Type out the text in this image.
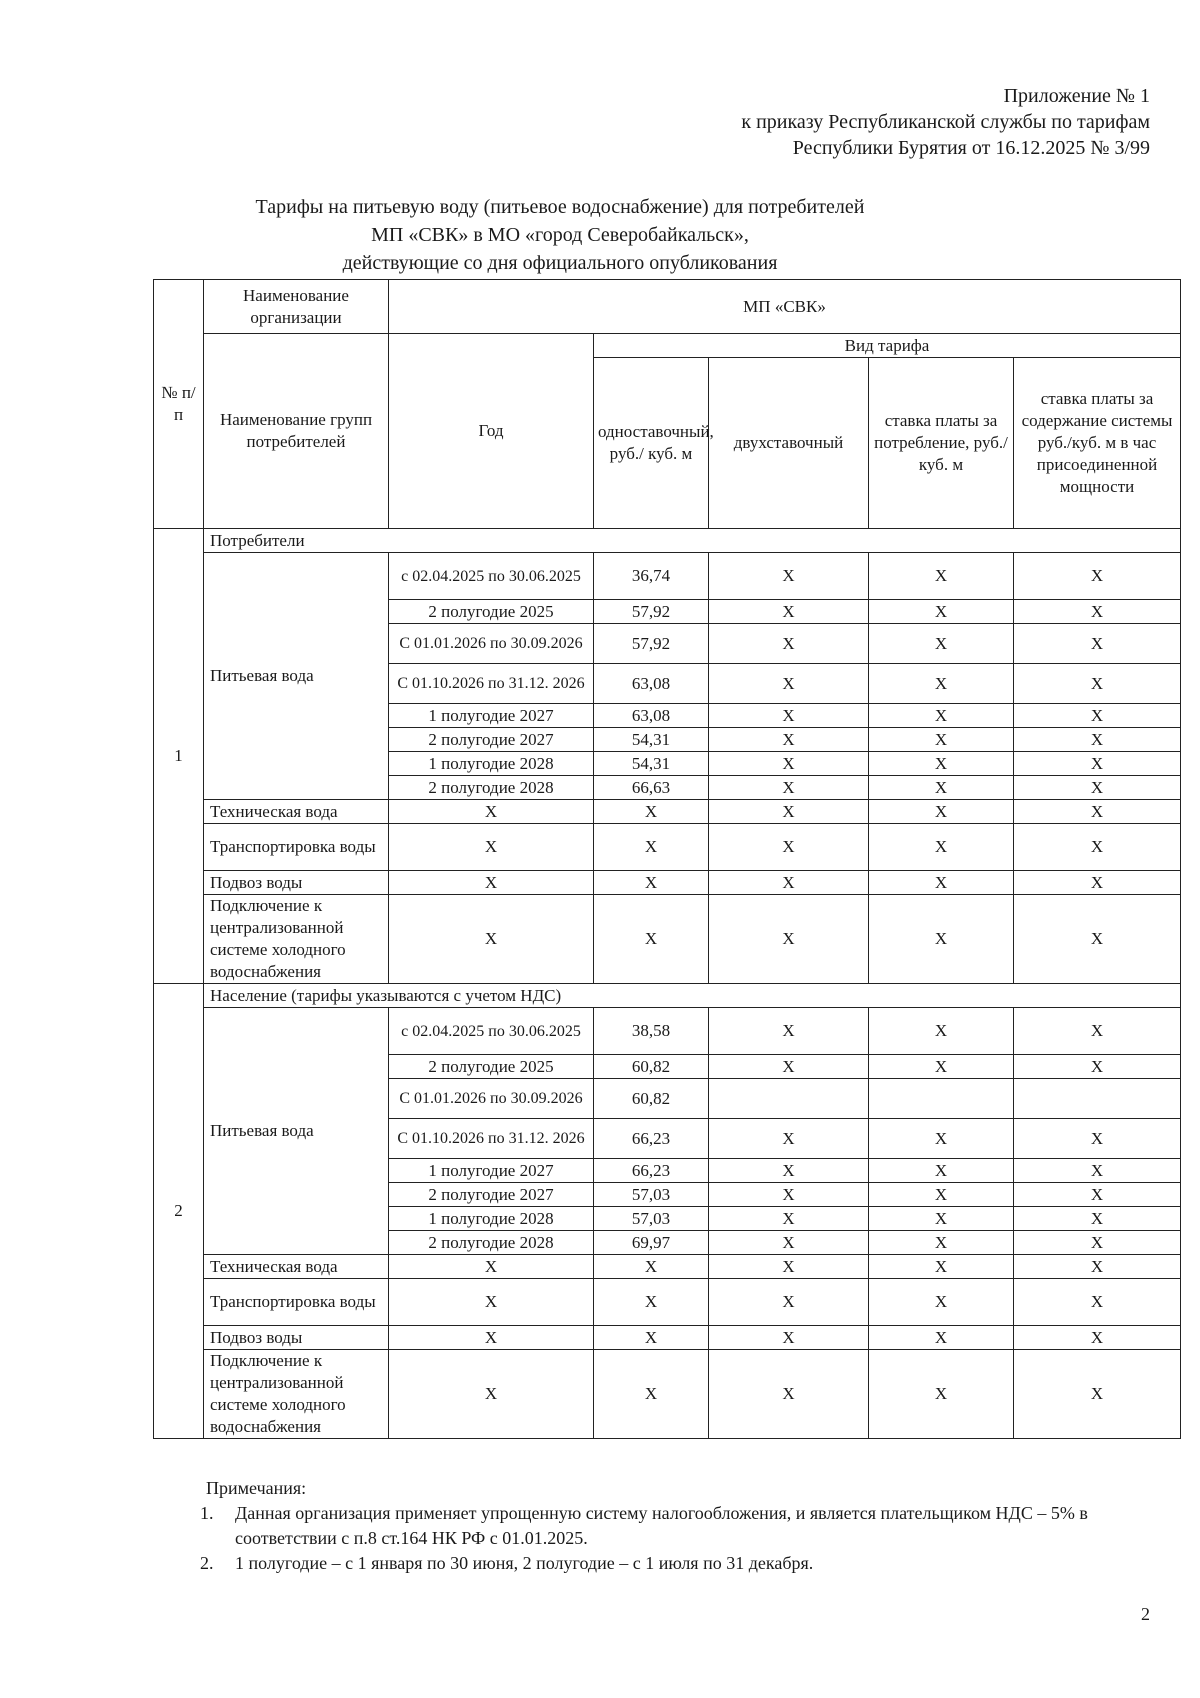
Приложение № 1
к приказу Республиканской службы по тарифам
Республики Бурятия от 16.12.2025 № 3/99
Тарифы на питьевую воду (питьевое водоснабжение) для потребителей
МП «СВК» в МО «город Северобайкальск»,
действующие со дня официального опубликования
№ п/п	Наименование организации	МП «СВК»				
	Наименование групп потребителей	Год	Вид тарифа			
			одноставочный, руб./ куб. м	двухставочный	ставка платы за потребление, руб./ куб. м	ставка платы за содержание системы руб./куб. м в час присоединенной мощности
1	Потребители					
	Питьевая вода	с 02.04.2025 по 30.06.2025	36,74	X	X	X
		2 полугодие 2025	57,92	X	X	X
		С 01.01.2026 по 30.09.2026	57,92	X	X	X
		С 01.10.2026 по 31.12. 2026	63,08	X	X	X
		1 полугодие 2027	63,08	X	X	X
		2 полугодие 2027	54,31	X	X	X
		1 полугодие 2028	54,31	X	X	X
		2 полугодие 2028	66,63	X	X	X
	Техническая вода	X	X	X	X	X
	Транспортировка воды	X	X	X	X	X
	Подвоз воды	X	X	X	X	X
	Подключение к централизованной системе холодного водоснабжения	X	X	X	X	X
2	Население (тарифы указываются с учетом НДС)					
	Питьевая вода	с 02.04.2025 по 30.06.2025	38,58	X	X	X
		2 полугодие 2025	60,82	X	X	X
		С 01.01.2026 по 30.09.2026	60,82			
		С 01.10.2026 по 31.12. 2026	66,23	X	X	X
		1 полугодие 2027	66,23	X	X	X
		2 полугодие 2027	57,03	X	X	X
		1 полугодие 2028	57,03	X	X	X
		2 полугодие 2028	69,97	X	X	X
	Техническая вода	X	X	X	X	X
	Транспортировка воды	X	X	X	X	X
	Подвоз воды	X	X	X	X	X
	Подключение к централизованной системе холодного водоснабжения	X	X	X	X	X
Примечания:
1.	Данная организация применяет упрощенную систему налогообложения, и является плательщиком НДС – 5% в соответствии с п.8 ст.164 НК РФ с 01.01.2025.
2.	1 полугодие – с 1 января по 30 июня, 2 полугодие – с 1 июля по 31 декабря.
2
